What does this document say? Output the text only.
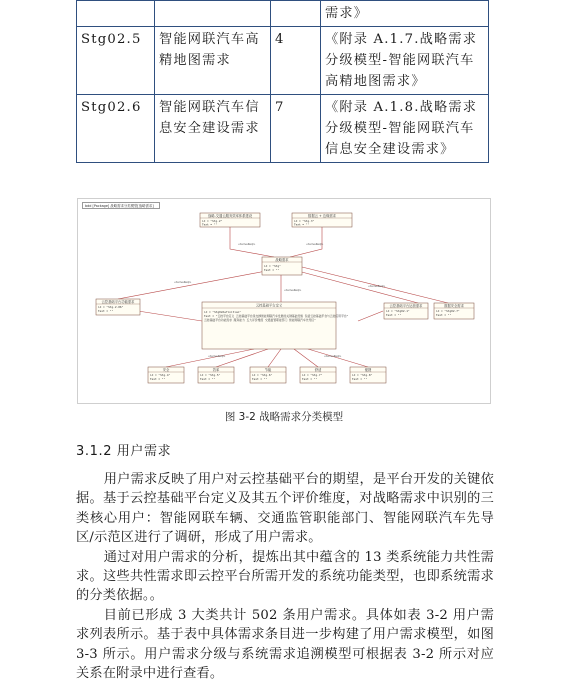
			需求》
Stg02.5	智能网联汽车高精地图需求	4	《附录 A.1.7.战略需求分级模型-智能网联汽车高精地图需求》
Stg02.6	智能网联汽车信息安全建设需求	7	《附录 A.1.8.战略需求分级模型-智能网联汽车信息安全建设需求》
«deriveReqt»
«deriveReqt»	«deriveReqt»
«deriveReqt»
«deriveReqt»
«deriveReqt»	«deriveReqt»
战略-交通云服务效率体系建设
id = "Stg.2"
Text = ""
数据云 + 边缘需求
id = "Stg.3"
Text = ""
战略需求
id = "Stg"
Text = ""
云控基础平台功能需求
id = "Stg.2.06"
Text = ""
云控基础平台定义
id = "Stg02definition"
Text = "云控平台定义 云控基础平台是支撑智能网联汽车发展的关键基础设施 包括云控基础平台与云控应用平台"
云控基础平台功能需求 服务能力 五大评价维度 交通监管职能部门 智能网联汽车先导区"
云控基础平台运营需求
id = "Stg02.1"
Text = ""
数据安全需求
id = "Stg02.7"
Text = ""
安全
id = "Stg.4"
Text = ""
效率
id = "Stg.5"
Text = ""
节能
id = "Stg.6"
Text = ""
舒适
id = "Stg.7"
Text = ""
便捷
id = "Stg.8"
Text = ""
bdd [Package] 战略需求分类模型[战略需求]
图 3-2 战略需求分类模型
3.1.2 用户需求

用户需求反映了用户对云控基础平台的期望，是平台开发的关键依据。基于云控基础平台定义及其五个评价维度，对战略需求中识别的三类核心用户：智能网联车辆、交通监管职能部门、智能网联汽车先导区/示范区进行了调研，形成了用户需求。

通过对用户需求的分析，提炼出其中蕴含的 13 类系统能力共性需求。这些共性需求即云控平台所需开发的系统功能类型，也即系统需求的分类依据。。

目前已形成 3 大类共计 502 条用户需求。具体如表 3-2 用户需求列表所示。基于表中具体需求条目进一步构建了用户需求模型，如图 3-3 所示。用户需求分级与系统需求追溯模型可根据表 3-2 所示对应关系在附录中进行查看。
